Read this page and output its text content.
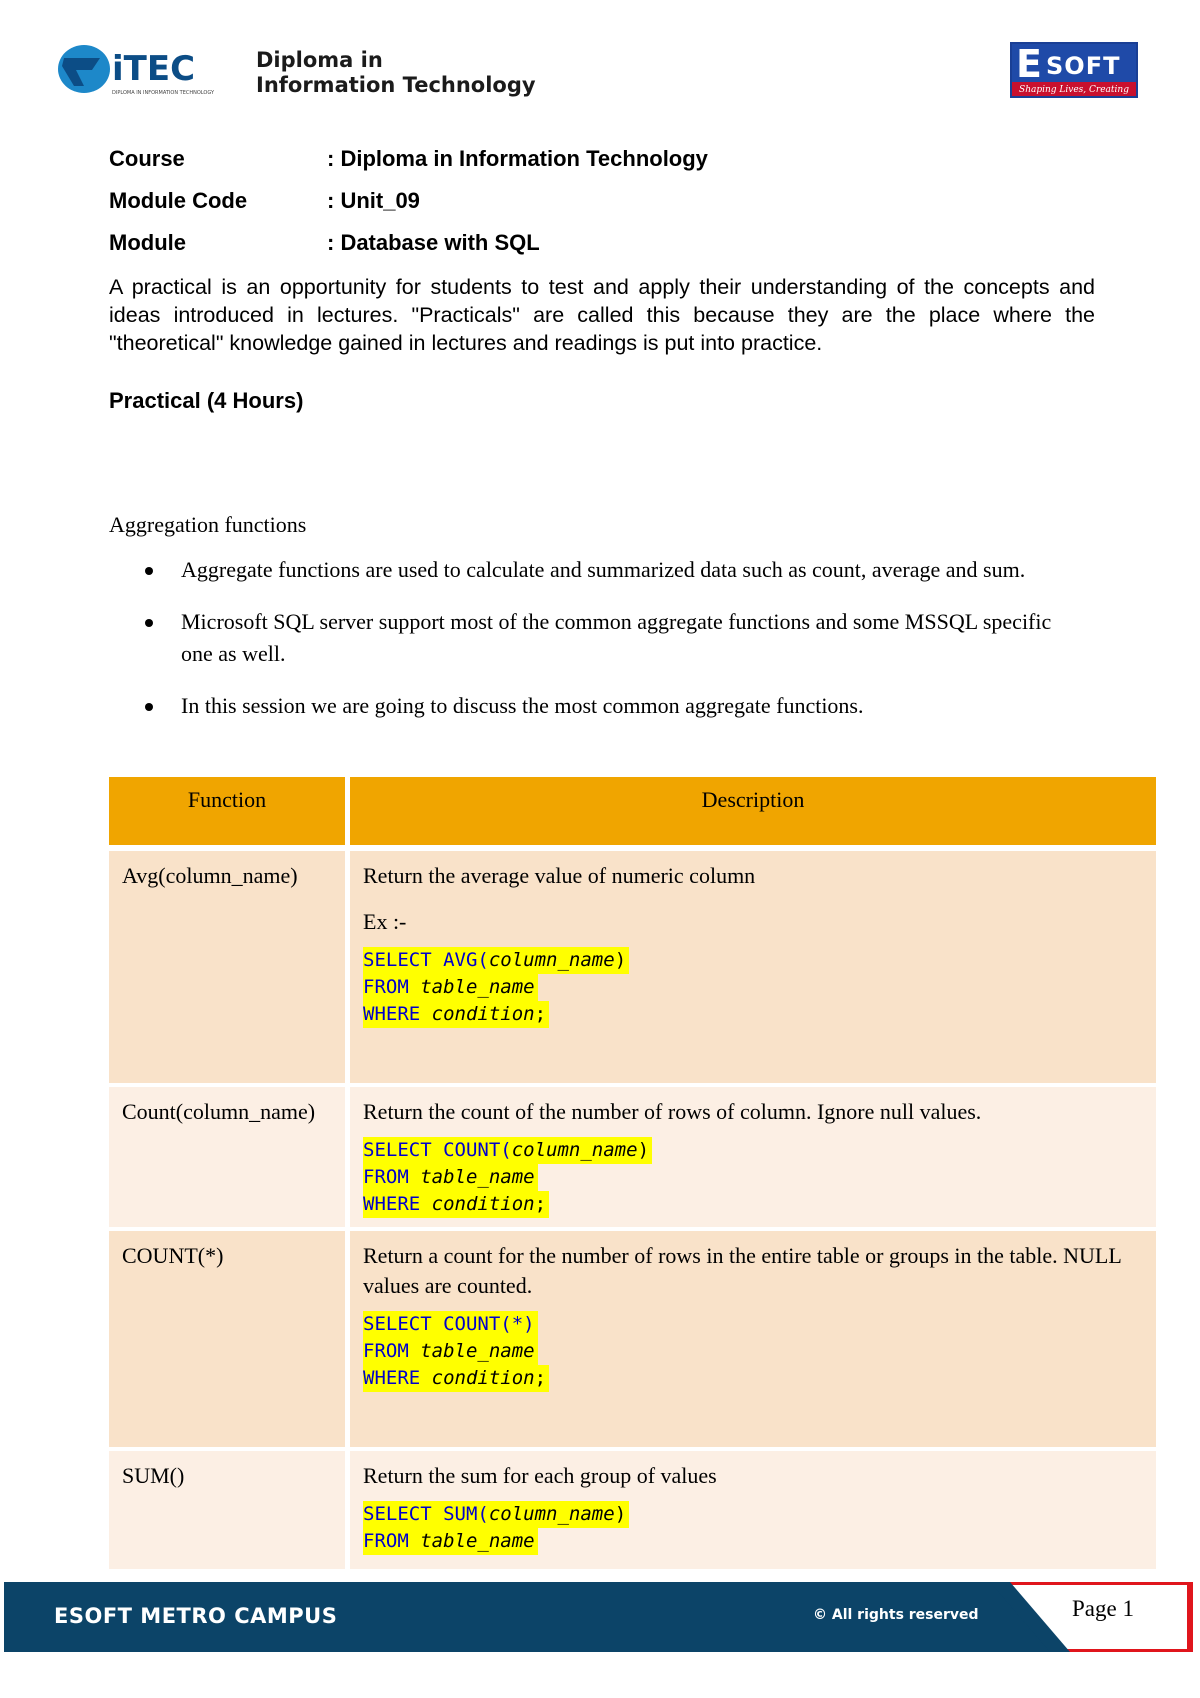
iTEC
DIPLOMA IN INFORMATION TECHNOLOGY
Diploma in
Information Technology	E SOFT
Shaping Lives, Creating Futures
Course	: Diploma in Information Technology
Module Code	: Unit_09
Module	: Database with SQL
A practical is an opportunity for students to test and apply their understanding of the concepts and ideas introduced in lectures. "Practicals" are called this because they are the place where the "theoretical" knowledge gained in lectures and readings is put into practice.
Practical (4 Hours)
Aggregation functions
Aggregate functions are used to calculate and summarized data such as count, average and sum.
Microsoft SQL server support most of the common aggregate functions and some MSSQL specific one as well.
In this session we are going to discuss the most common aggregate functions.
Function	Description
Avg(column_name)	Return the average value of numeric column
Ex :-
SELECT AVG(column_name)
FROM table_name
WHERE condition;
Count(column_name)	Return the count of the number of rows of column. Ignore null values.
SELECT COUNT(column_name)
FROM table_name
WHERE condition;
COUNT(*)	Return a count for the number of rows in the entire table or groups in the table. NULL values are counted.
SELECT COUNT(*)
FROM table_name
WHERE condition;
SUM()	Return the sum for each group of values
SELECT SUM(column_name)
FROM table_name
ESOFT METRO CAMPUS	© All rights reserved	Page 1
